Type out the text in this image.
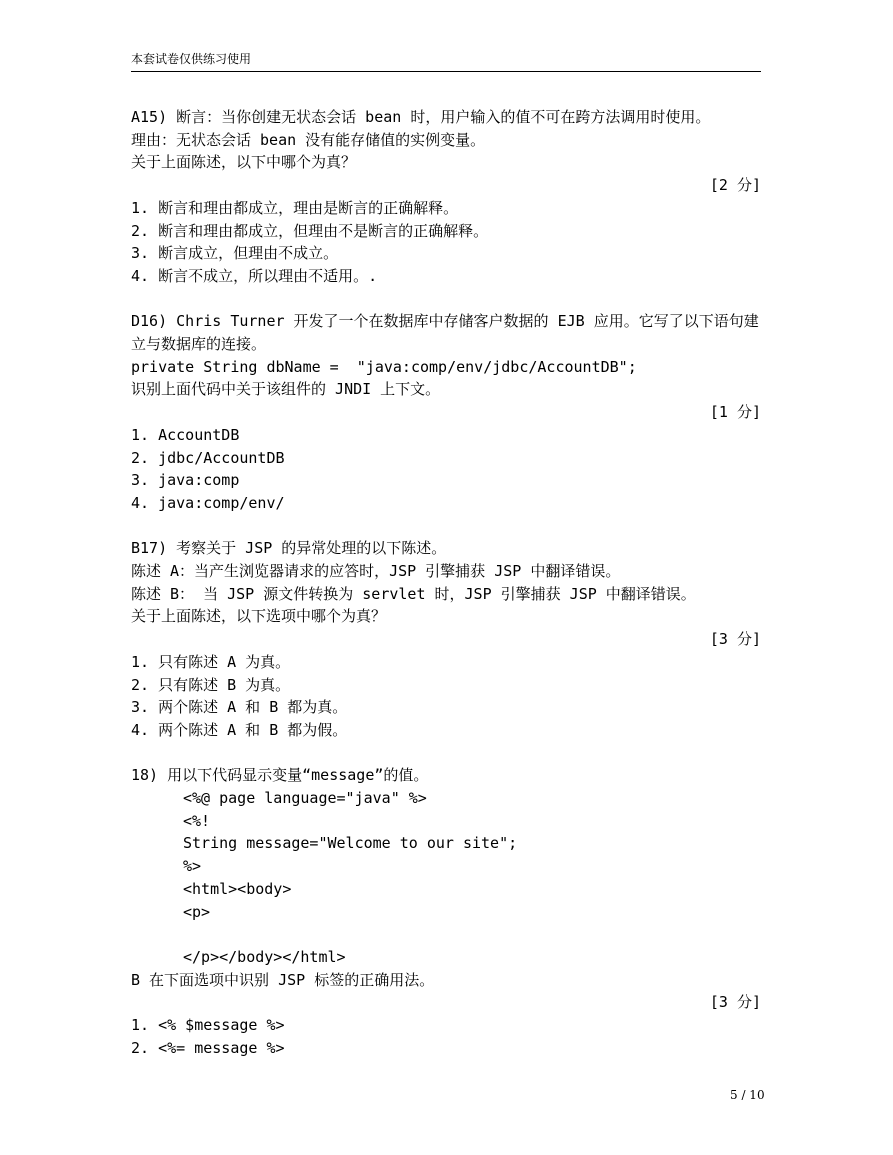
本套试卷仅供练习使用
A15) 断言：当你创建无状态会话 bean 时，用户输入的值不可在跨方法调用时使用。
理由：无状态会话 bean 没有能存储值的实例变量。
关于上面陈述，以下中哪个为真？
[2 分]
1. 断言和理由都成立，理由是断言的正确解释。
2. 断言和理由都成立，但理由不是断言的正确解释。
3. 断言成立，但理由不成立。
4. 断言不成立，所以理由不适用。.
D16) Chris Turner 开发了一个在数据库中存储客户数据的 EJB 应用。它写了以下语句建立与数据库的连接。
private String dbName =  "java:comp/env/jdbc/AccountDB";
识别上面代码中关于该组件的 JNDI 上下文。
[1 分]
1. AccountDB
2. jdbc/AccountDB
3. java:comp
4. java:comp/env/
B17) 考察关于 JSP 的异常处理的以下陈述。
陈述 A：当产生浏览器请求的应答时，JSP 引擎捕获 JSP 中翻译错误。
陈述 B： 当 JSP 源文件转换为 servlet 时，JSP 引擎捕获 JSP 中翻译错误。
关于上面陈述，以下选项中哪个为真？
[3 分]
1. 只有陈述 A 为真。
2. 只有陈述 B 为真。
3. 两个陈述 A 和 B 都为真。
4. 两个陈述 A 和 B 都为假。
18) 用以下代码显示变量“message”的值。
<%@ page language="java" %>
<%!
String message="Welcome to our site";
%>
<html><body>
<p>
</p></body></html>
B 在下面选项中识别 JSP 标签的正确用法。
[3 分]
1. <% $message %>
2. <%= message %>
5 / 10
